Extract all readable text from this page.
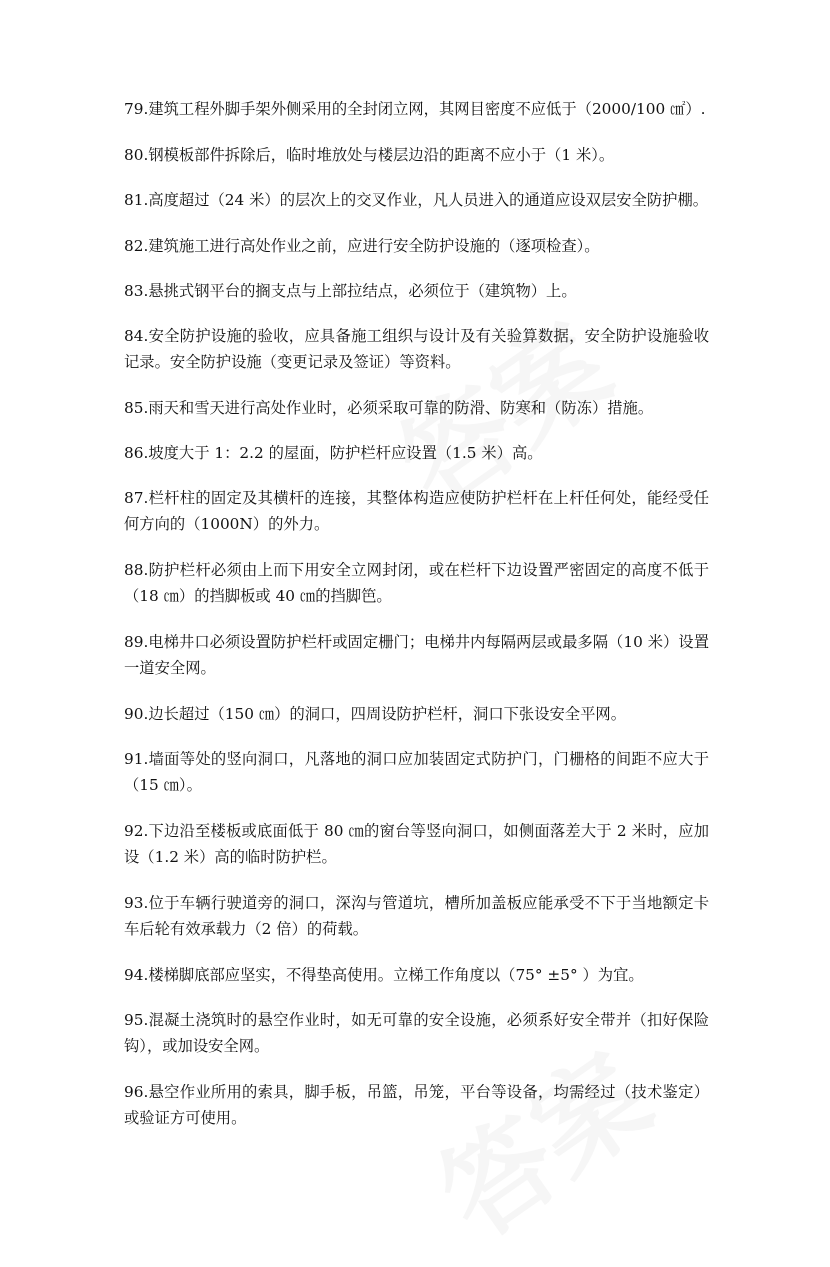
79.建筑工程外脚手架外侧采用的全封闭立网，其网目密度不应低于（2000/100 ㎠）.

80.钢模板部件拆除后，临时堆放处与楼层边沿的距离不应小于（1 米）。

81.高度超过（24 米）的层次上的交叉作业，凡人员进入的通道应设双层安全防护棚。

82.建筑施工进行高处作业之前，应进行安全防护设施的（逐项检查）。

83.悬挑式钢平台的搁支点与上部拉结点，必须位于（建筑物）上。

84.安全防护设施的验收，应具备施工组织与设计及有关验算数据，安全防护设施验收记录。安全防护设施（变更记录及签证）等资料。

85.雨天和雪天进行高处作业时，必须采取可靠的防滑、防寒和（防冻）措施。

86.坡度大于 1：2.2 的屋面，防护栏杆应设置（1.5 米）高。

87.栏杆柱的固定及其横杆的连接，其整体构造应使防护栏杆在上杆任何处，能经受任何方向的（1000N）的外力。

88.防护栏杆必须由上而下用安全立网封闭，或在栏杆下边设置严密固定的高度不低于（18 ㎝）的挡脚板或 40 ㎝的挡脚笆。

89.电梯井口必须设置防护栏杆或固定栅门；电梯井内每隔两层或最多隔（10 米）设置一道安全网。

90.边长超过（150 ㎝）的洞口，四周设防护栏杆，洞口下张设安全平网。

91.墙面等处的竖向洞口，凡落地的洞口应加装固定式防护门，门栅格的间距不应大于（15 ㎝）。

92.下边沿至楼板或底面低于 80 ㎝的窗台等竖向洞口，如侧面落差大于 2 米时，应加设（1.2 米）高的临时防护栏。

93.位于车辆行驶道旁的洞口，深沟与管道坑，槽所加盖板应能承受不下于当地额定卡车后轮有效承载力（2 倍）的荷载。

94.楼梯脚底部应坚实，不得垫高使用。立梯工作角度以（75° ±5° ）为宜。

95.混凝土浇筑时的悬空作业时，如无可靠的安全设施，必须系好安全带并（扣好保险钩），或加设安全网。

96.悬空作业所用的索具，脚手板，吊篮，吊笼，平台等设备，均需经过（技术鉴定）或验证方可使用。
